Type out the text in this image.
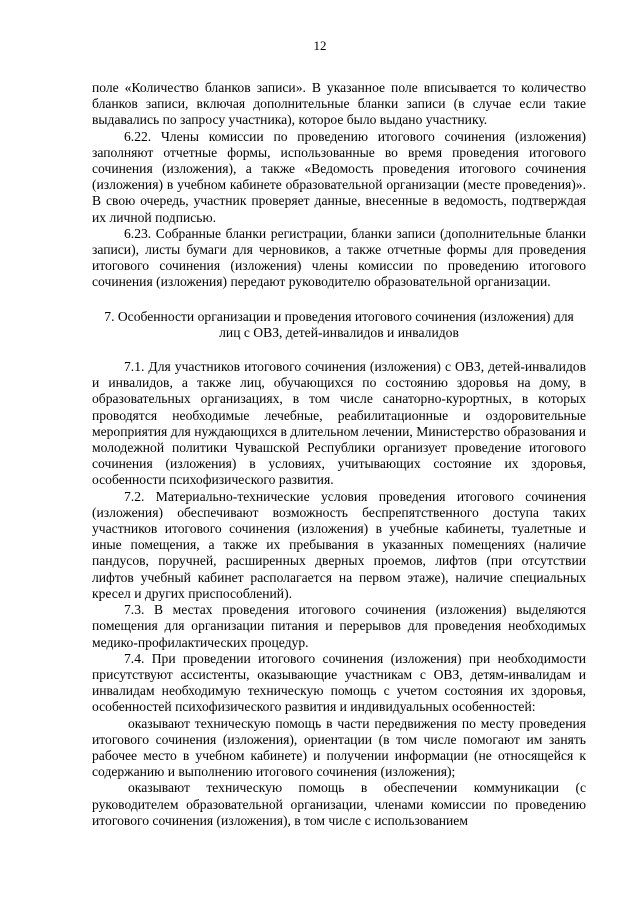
12

поле «Количество бланков записи». В указанное поле вписывается то количество бланков записи, включая дополнительные бланки записи (в случае если такие выдавались по запросу участника), которое было выдано участнику.

6.22. Члены комиссии по проведению итогового сочинения (изложения) заполняют отчетные формы, использованные во время проведения итогового сочинения (изложения), а также «Ведомость проведения итогового сочинения (изложения) в учебном кабинете образовательной организации (месте проведения)». В свою очередь, участник проверяет данные, внесенные в ведомость, подтверждая их личной подписью.

6.23. Собранные бланки регистрации, бланки записи (дополнительные бланки записи), листы бумаги для черновиков, а также отчетные формы для проведения итогового сочинения (изложения) члены комиссии по проведению итогового сочинения (изложения) передают руководителю образовательной организации.

7. Особенности организации и проведения итогового сочинения (изложения) для лиц с ОВЗ, детей-инвалидов и инвалидов

7.1. Для участников итогового сочинения (изложения) с ОВЗ, детей-инвалидов и инвалидов, а также лиц, обучающихся по состоянию здоровья на дому, в образовательных организациях, в том числе санаторно-курортных, в которых проводятся необходимые лечебные, реабилитационные и оздоровительные мероприятия для нуждающихся в длительном лечении, Министерство образования и молодежной политики Чувашской Республики организует проведение итогового сочинения (изложения) в условиях, учитывающих состояние их здоровья, особенности психофизического развития.

7.2. Материально-технические условия проведения итогового сочинения (изложения) обеспечивают возможность беспрепятственного доступа таких участников итогового сочинения (изложения) в учебные кабинеты, туалетные и иные помещения, а также их пребывания в указанных помещениях (наличие пандусов, поручней, расширенных дверных проемов, лифтов (при отсутствии лифтов учебный кабинет располагается на первом этаже), наличие специальных кресел и других приспособлений).

7.3. В местах проведения итогового сочинения (изложения) выделяются помещения для организации питания и перерывов для проведения необходимых медико-профилактических процедур.

7.4. При проведении итогового сочинения (изложения) при необходимости присутствуют ассистенты, оказывающие участникам с ОВЗ, детям-инвалидам и инвалидам необходимую техническую помощь с учетом состояния их здоровья, особенностей психофизического развития и индивидуальных особенностей:

оказывают техническую помощь в части передвижения по месту проведения итогового сочинения (изложения), ориентации (в том числе помогают им занять рабочее место в учебном кабинете) и получении информации (не относящейся к содержанию и выполнению итогового сочинения (изложения);

оказывают техническую помощь в обеспечении коммуникации (с руководителем образовательной организации, членами комиссии по проведению итогового сочинения (изложения), в том числе с использованием
